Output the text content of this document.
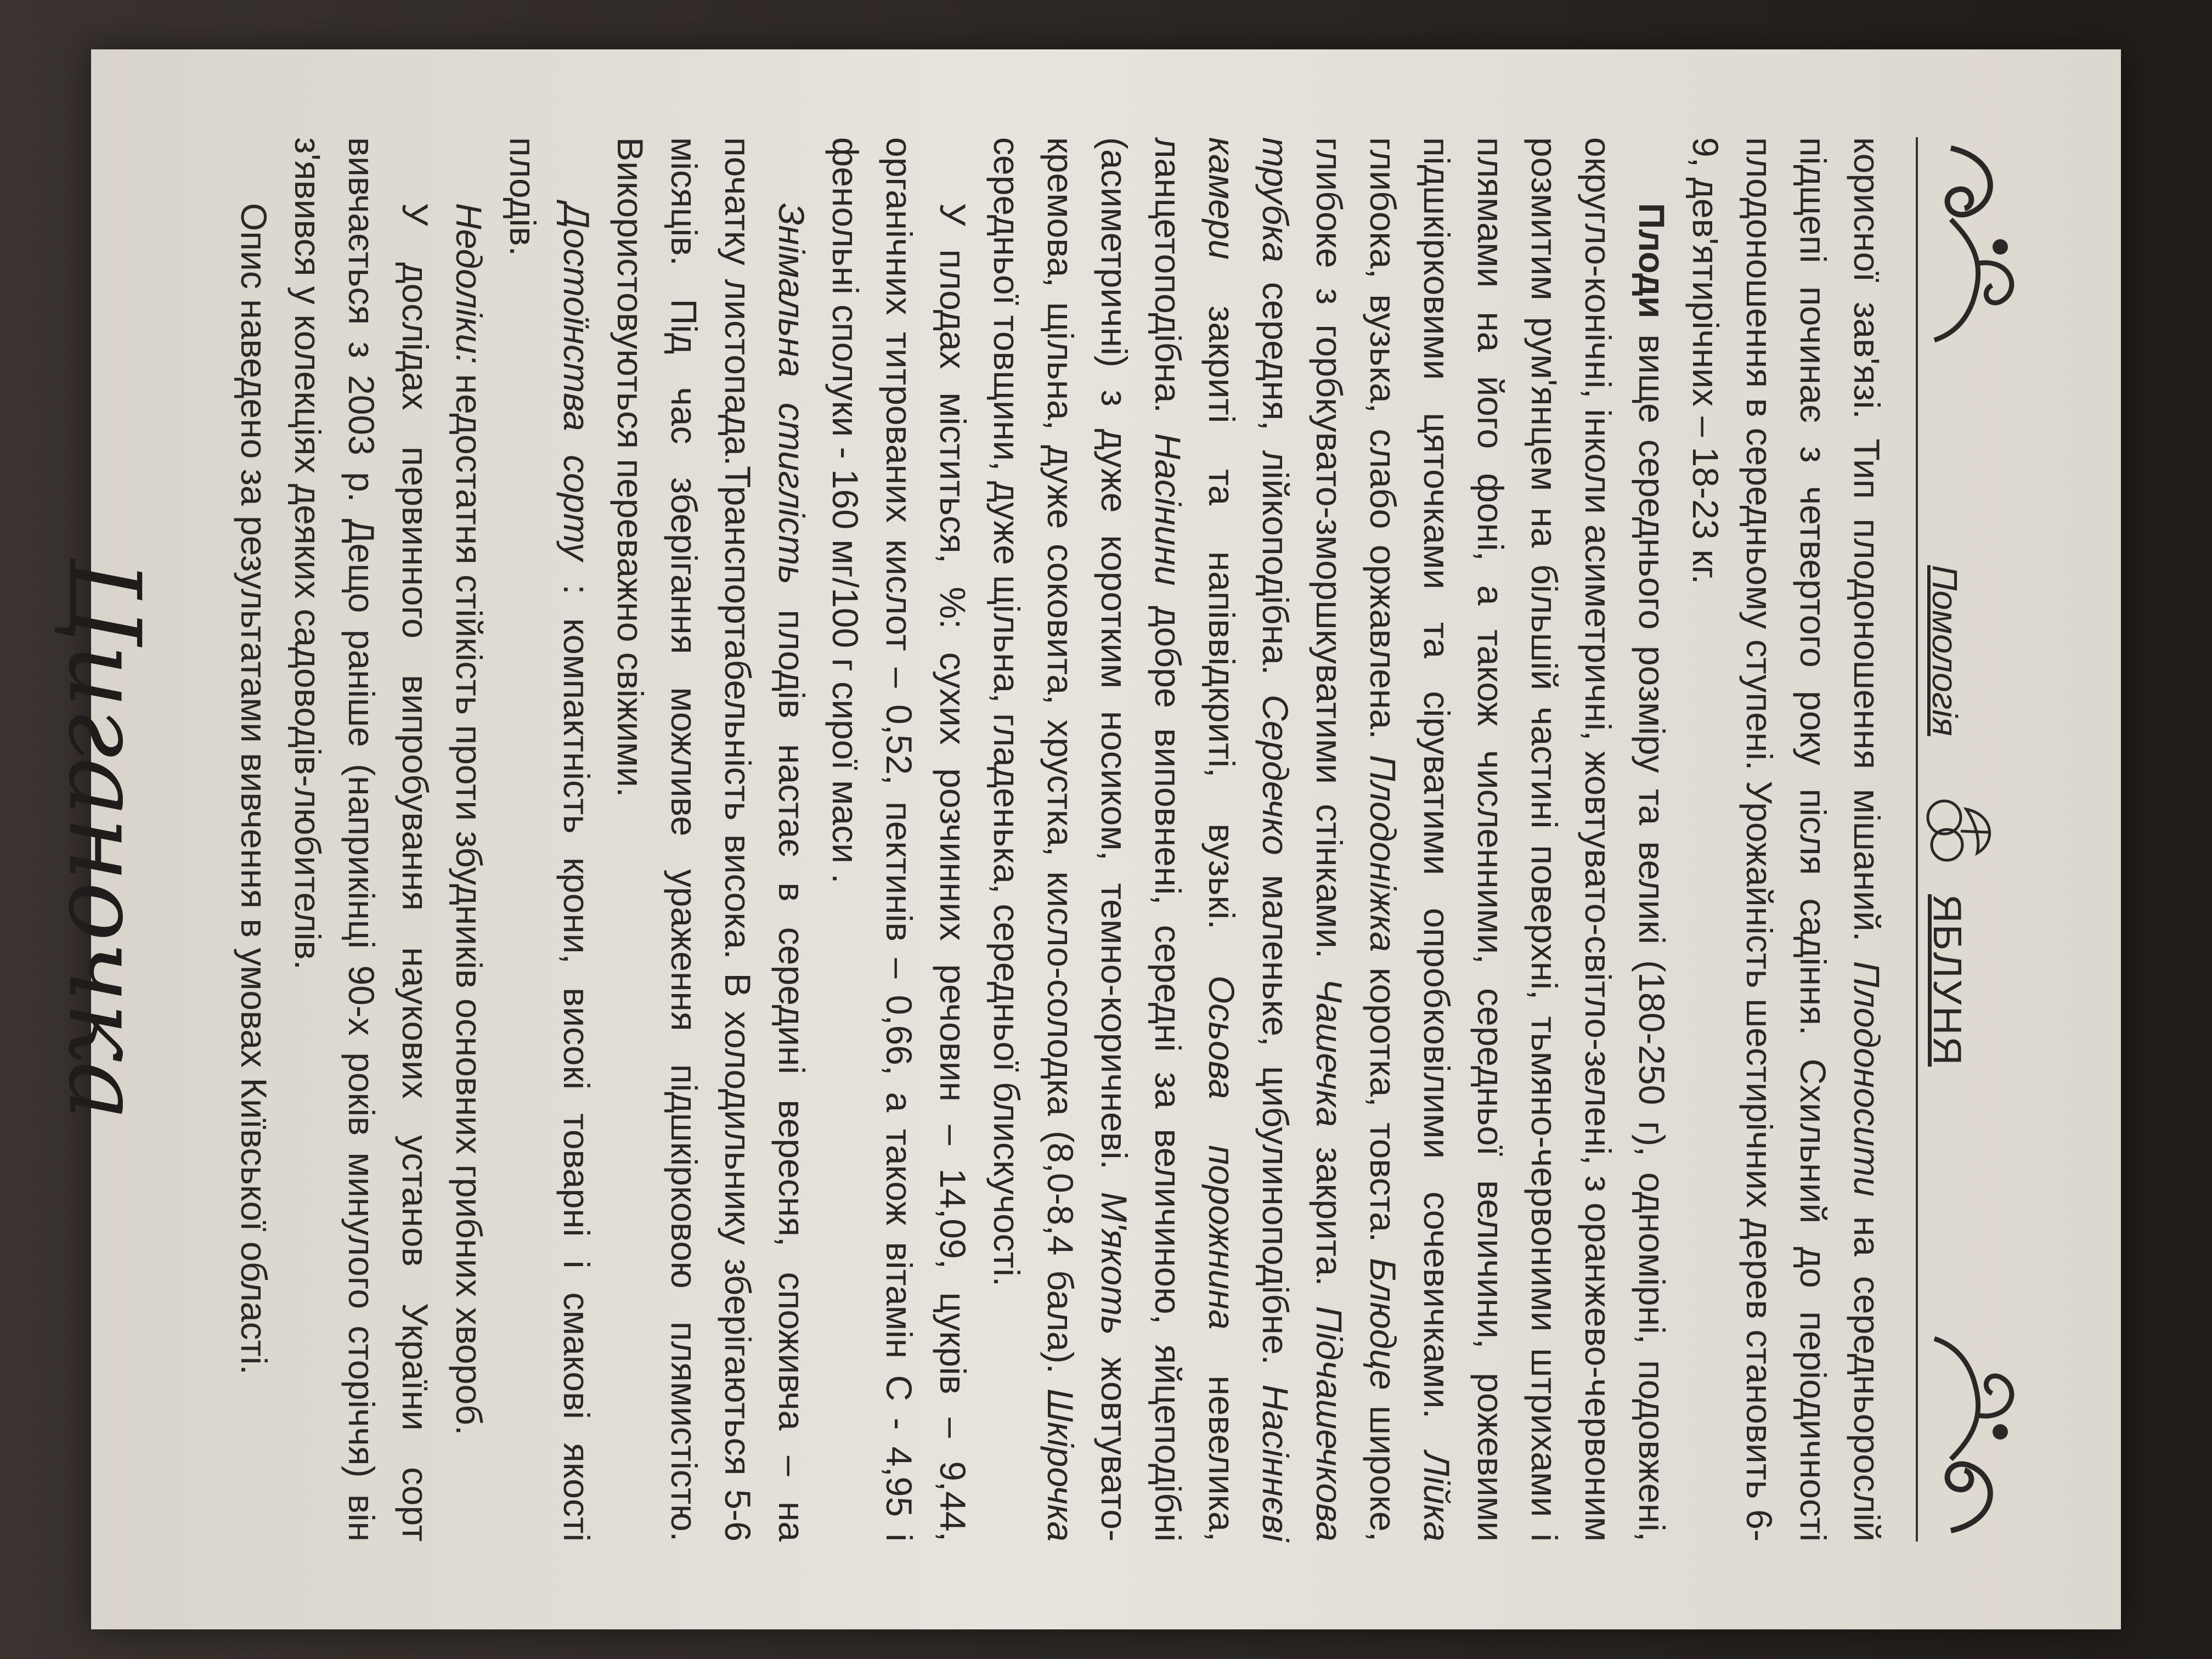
Помологія
ЯБЛУНЯ

корисної зав'язі. Тип плодоношення мішаний. Плодоносити на середньорослій підщепі починає з четвертого року після садіння. Схильний до періодичності плодоношення в середньому ступені. Урожайність шестирічних дерев становить 6-9, дев'ятирічних – 18-23 кг.

Плоди вище середнього розміру та великі (180-250 г), одномірні, подовжені, округло-конічні, інколи асиметричні, жовтувато-світло-зелені, з оранжево-червоним розмитим рум'янцем на більшій частині поверхні, тьмяно-червоними штрихами і плямами на його фоні, а також численними, середньої величини, рожевими підшкірковими цяточками та сіруватими опробковілими сочевичками. Лійка глибока, вузька, слабо оржавлена. Плодоніжка коротка, товста. Блюдце широке, глибоке з горбкувато-зморшкуватими стінками. Чашечка закрита. Підчашечкова трубка середня, лійкоподібна. Сердечко маленьке, цибулиноподібне. Насіннєві камери закриті та напіввідкриті, вузькі. Осьова порожнина невелика, ланцетоподібна. Насінини добре виповнені, середні за величиною, яйцеподібні (асиметричні) з дуже коротким носиком, темно-коричневі. М'якоть жовтувато-кремова, щільна, дуже соковита, хрустка, кисло-солодка (8,0-8,4 бала). Шкірочка середньої товщини, дуже щільна, гладенька, середньої блискучості.

У плодах міститься, %: сухих розчинних речовин – 14,09, цукрів – 9,44, органічних титрованих кислот – 0,52, пектинів – 0,66, а також вітамін С - 4,95 і фенольні сполуки - 160 мг/100 г сирої маси .

Знімальна стиглість плодів настає в середині вересня, споживча – на початку листопада.Транспортабельність висока. В холодильнику зберігаються 5-6 місяців. Під час зберігання можливе ураження підшкірковою плямистістю. Використовуються переважно свіжими.

Достоїнства сорту : компактність крони, високі товарні і смакові якості плодів.

Недоліки: недостатня стійкість проти збудників основних грибних хвороб.

У дослідах первинного випробування наукових установ України сорт вивчається з 2003 р. Дещо раніше (наприкінці 90-х років минулого сторіччя) він з'явився у колекціях деяких садоводів-любителів.

Опис наведено за результатами вивчення в умовах Київської області.

Циганочка
